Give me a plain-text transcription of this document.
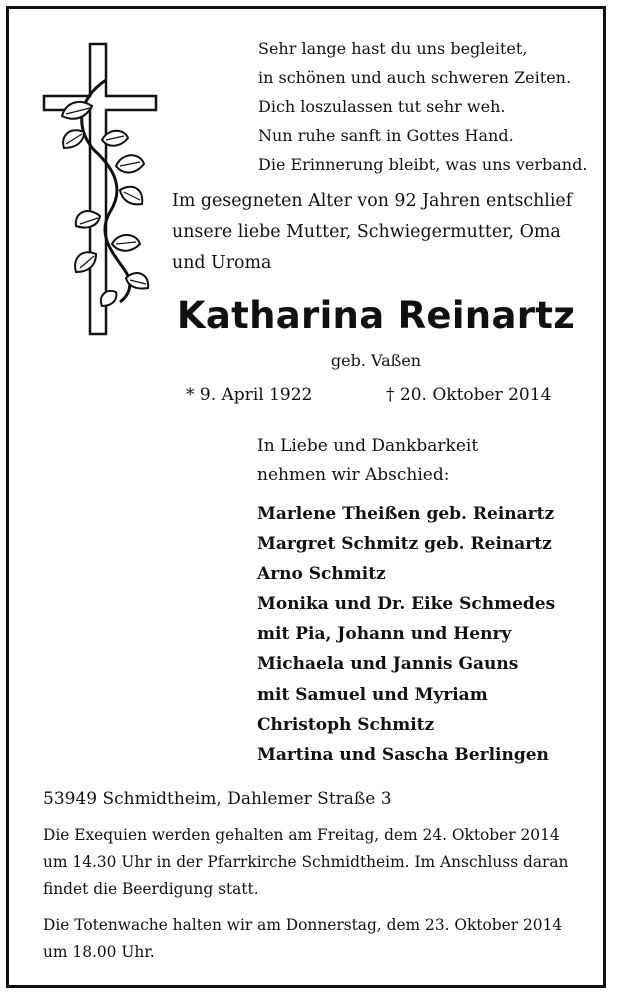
Sehr lange hast du uns begleitet,
in schönen und auch schweren Zeiten.
Dich loszulassen tut sehr weh.
Nun ruhe sanft in Gottes Hand.
Die Erinnerung bleibt, was uns verband.
Im gesegneten Alter von 92 Jahren entschlief
unsere liebe Mutter, Schwiegermutter, Oma
und Uroma
Katharina Reinartz
geb. Vaßen
* 9. April 1922	† 20. Oktober 2014
In Liebe und Dankbarkeit
nehmen wir Abschied:
Marlene Theißen geb. Reinartz
Margret Schmitz geb. Reinartz
Arno Schmitz
Monika und Dr. Eike Schmedes
mit Pia, Johann und Henry
Michaela und Jannis Gauns
mit Samuel und Myriam
Christoph Schmitz
Martina und Sascha Berlingen
53949 Schmidtheim, Dahlemer Straße 3
Die Exequien werden gehalten am Freitag, dem 24. Oktober 2014
um 14.30 Uhr in der Pfarrkirche Schmidtheim. Im Anschluss daran
findet die Beerdigung statt.
Die Totenwache halten wir am Donnerstag, dem 23. Oktober 2014
um 18.00 Uhr.
